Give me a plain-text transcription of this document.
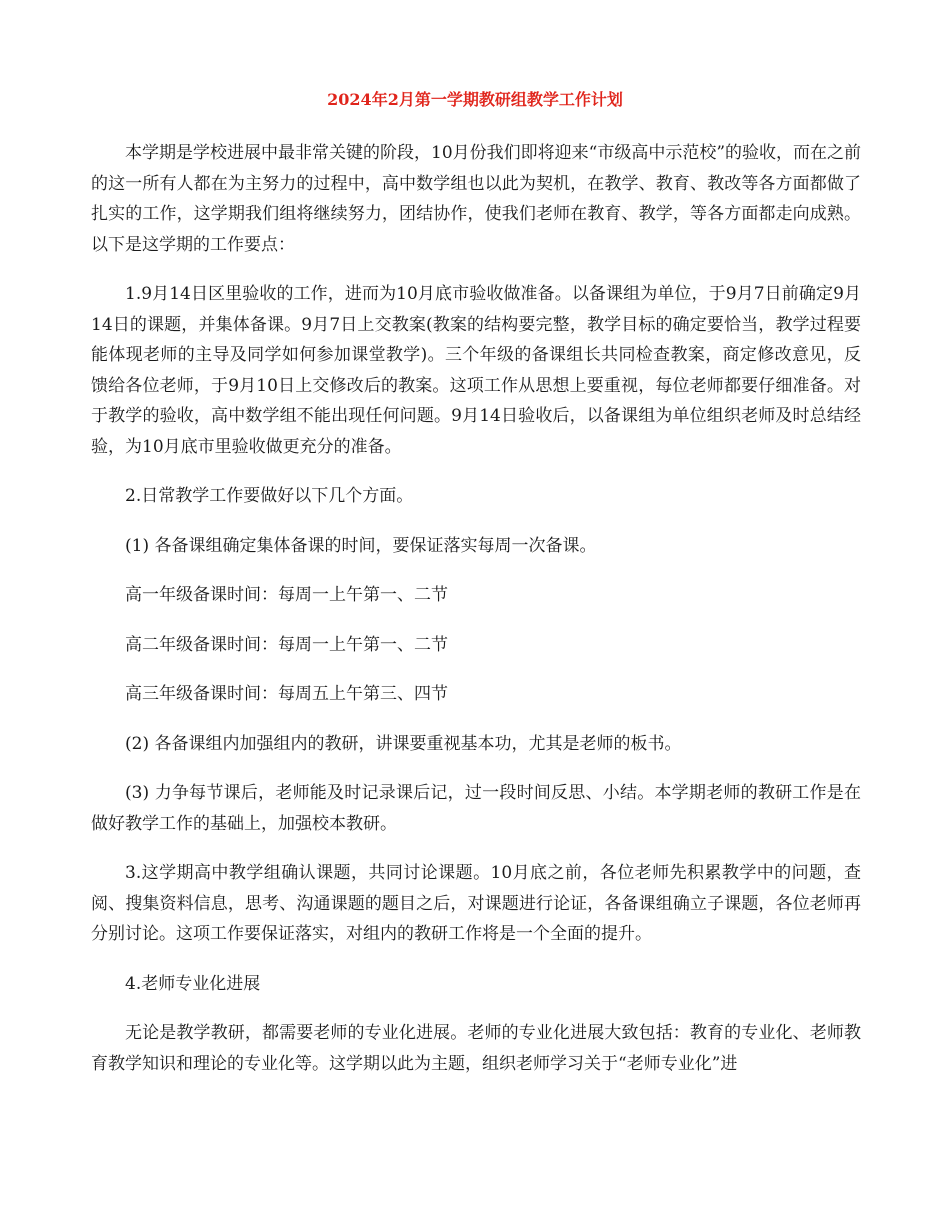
2024年2月第一学期教研组教学工作计划

本学期是学校进展中最非常关键的阶段，10月份我们即将迎来“市级高中示范校”的验收，而在之前的这一所有人都在为主努力的过程中，高中数学组也以此为契机，在教学、教育、教改等各方面都做了扎实的工作，这学期我们组将继续努力，团结协作，使我们老师在教育、教学，等各方面都走向成熟。以下是这学期的工作要点：

1.9月14日区里验收的工作，进而为10月底市验收做准备。以备课组为单位，于9月7日前确定9月14日的课题，并集体备课。9月7日上交教案(教案的结构要完整，教学目标的确定要恰当，教学过程要能体现老师的主导及同学如何参加课堂教学)。三个年级的备课组长共同检查教案，商定修改意见，反馈给各位老师，于9月10日上交修改后的教案。这项工作从思想上要重视，每位老师都要仔细准备。对于教学的验收，高中数学组不能出现任何问题。9月14日验收后，以备课组为单位组织老师及时总结经验，为10月底市里验收做更充分的准备。

2.日常教学工作要做好以下几个方面。

(1) 各备课组确定集体备课的时间，要保证落实每周一次备课。

高一年级备课时间：每周一上午第一、二节

高二年级备课时间：每周一上午第一、二节

高三年级备课时间：每周五上午第三、四节

(2) 各备课组内加强组内的教研，讲课要重视基本功，尤其是老师的板书。

(3) 力争每节课后，老师能及时记录课后记，过一段时间反思、小结。本学期老师的教研工作是在做好教学工作的基础上，加强校本教研。

3.这学期高中教学组确认课题，共同讨论课题。10月底之前，各位老师先积累教学中的问题，查阅、搜集资料信息，思考、沟通课题的题目之后，对课题进行论证，各备课组确立子课题，各位老师再分别讨论。这项工作要保证落实，对组内的教研工作将是一个全面的提升。

4.老师专业化进展

无论是教学教研，都需要老师的专业化进展。老师的专业化进展大致包括：教育的专业化、老师教育教学知识和理论的专业化等。这学期以此为主题，组织老师学习关于“老师专业化”进
